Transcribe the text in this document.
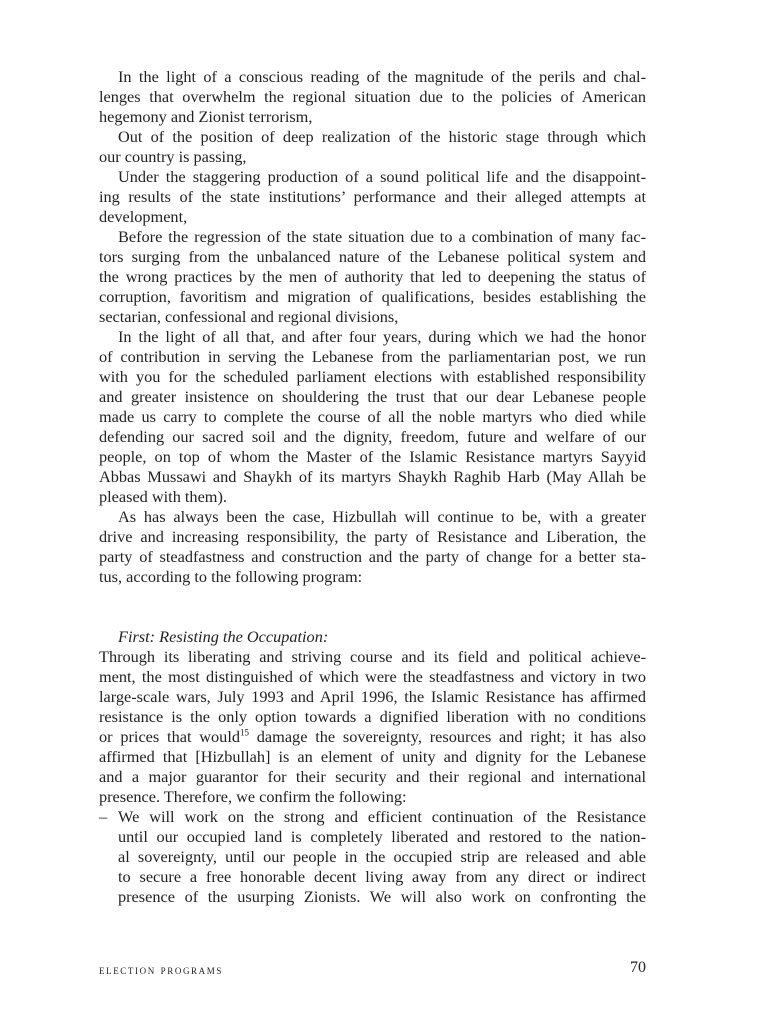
In the light of a conscious reading of the magnitude of the perils and chal-
lenges that overwhelm the regional situation due to the policies of American
hegemony and Zionist terrorism,
Out of the position of deep realization of the historic stage through which
our country is passing,
Under the staggering production of a sound political life and the disappoint-
ing results of the state institutions’ performance and their alleged attempts at
development,
Before the regression of the state situation due to a combination of many fac-
tors surging from the unbalanced nature of the Lebanese political system and
the wrong practices by the men of authority that led to deepening the status of
corruption, favoritism and migration of qualifications, besides establishing the
sectarian, confessional and regional divisions,
In the light of all that, and after four years, during which we had the honor
of contribution in serving the Lebanese from the parliamentarian post, we run
with you for the scheduled parliament elections with established responsibility
and greater insistence on shouldering the trust that our dear Lebanese people
made us carry to complete the course of all the noble martyrs who died while
defending our sacred soil and the dignity, freedom, future and welfare of our
people, on top of whom the Master of the Islamic Resistance martyrs Sayyid
Abbas Mussawi and Shaykh of its martyrs Shaykh Raghib Harb (May Allah be
pleased with them).
As has always been the case, Hizbullah will continue to be, with a greater
drive and increasing responsibility, the party of Resistance and Liberation, the
party of steadfastness and construction and the party of change for a better sta-
tus, according to the following program:
First: Resisting the Occupation:
Through its liberating and striving course and its field and political achieve-
ment, the most distinguished of which were the steadfastness and victory in two
large-scale wars, July 1993 and April 1996, the Islamic Resistance has affirmed
resistance is the only option towards a dignified liberation with no conditions
or prices that would$^{15}$ damage the sovereignty, resources and right; it has also
affirmed that [Hizbullah] is an element of unity and dignity for the Lebanese
and a major guarantor for their security and their regional and international
presence. Therefore, we confirm the following:
– We will work on the strong and efficient continuation of the Resistance
until our occupied land is completely liberated and restored to the nation-
al sovereignty, until our people in the occupied strip are released and able
to secure a free honorable decent living away from any direct or indirect
presence of the usurping Zionists. We will also work on confronting the
election programs	70
